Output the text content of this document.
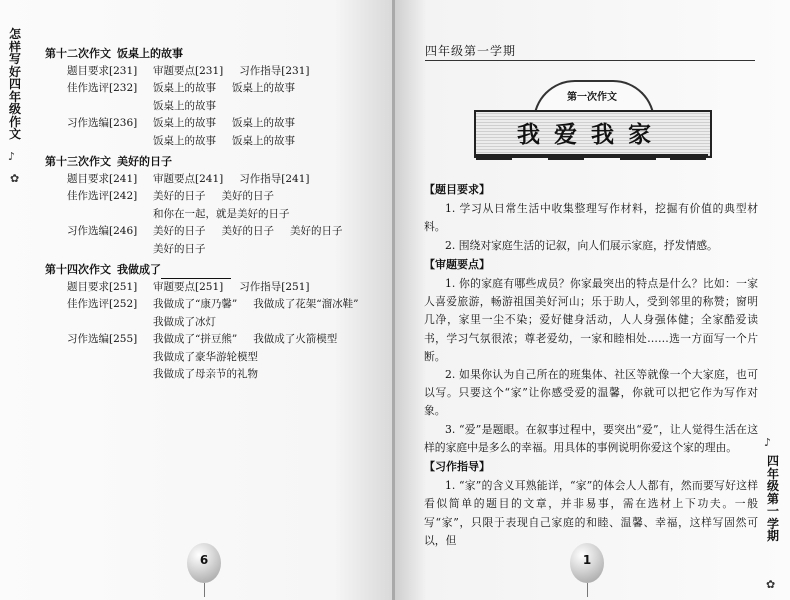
怎
样
写
好
四
年
级
作
文
♪
✿
第十二次作文 饭桌上的故事
题目要求[231]	审题要点[231] 习作指导[231]
佳作选评[232]	饭桌上的故事 饭桌上的故事
饭桌上的故事
习作选编[236]	饭桌上的故事 饭桌上的故事
饭桌上的故事 饭桌上的故事
第十三次作文 美好的日子
题目要求[241]	审题要点[241] 习作指导[241]
佳作选评[242]	美好的日子 美好的日子
和你在一起，就是美好的日子
习作选编[246]	美好的日子 美好的日子 美好的日子
美好的日子
第十四次作文 我做成了
题目要求[251]	审题要点[251] 习作指导[251]
佳作选评[252]	我做成了“康乃馨” 我做成了花架“溜冰鞋”
我做成了冰灯
习作选编[255]	我做成了“拼豆熊” 我做成了火箭模型
我做成了豪华游轮模型
我做成了母亲节的礼物
6
四年级第一学期
第一次作文
我爱我家
【题目要求】

1. 学习从日常生活中收集整理写作材料，挖掘有价值的典型材料。

2. 围绕对家庭生活的记叙，向人们展示家庭，抒发情感。

【审题要点】

1. 你的家庭有哪些成员？你家最突出的特点是什么？比如：一家人喜爱旅游，畅游祖国美好河山；乐于助人，受到邻里的称赞；窗明几净，家里一尘不染；爱好健身活动，人人身强体健；全家酷爱读书，学习气氛很浓；尊老爱幼，一家和睦相处……选一方面写一个片断。

2. 如果你认为自己所在的班集体、社区等就像一个大家庭，也可以写。只要这个“家”让你感受爱的温馨，你就可以把它作为写作对象。

3. “爱”是题眼。在叙事过程中，要突出“爱”，让人觉得生活在这样的家庭中是多么的幸福。用具体的事例说明你爱这个家的理由。

【习作指导】

1. “家”的含义耳熟能详，“家”的体会人人都有，然而要写好这样看似简单的题目的文章，并非易事，需在选材上下功夫。一般写“家”，只限于表现自己家庭的和睦、温馨、幸福，这样写固然可以，但

四
年
级
第
一
学
期
♪
✿
1
